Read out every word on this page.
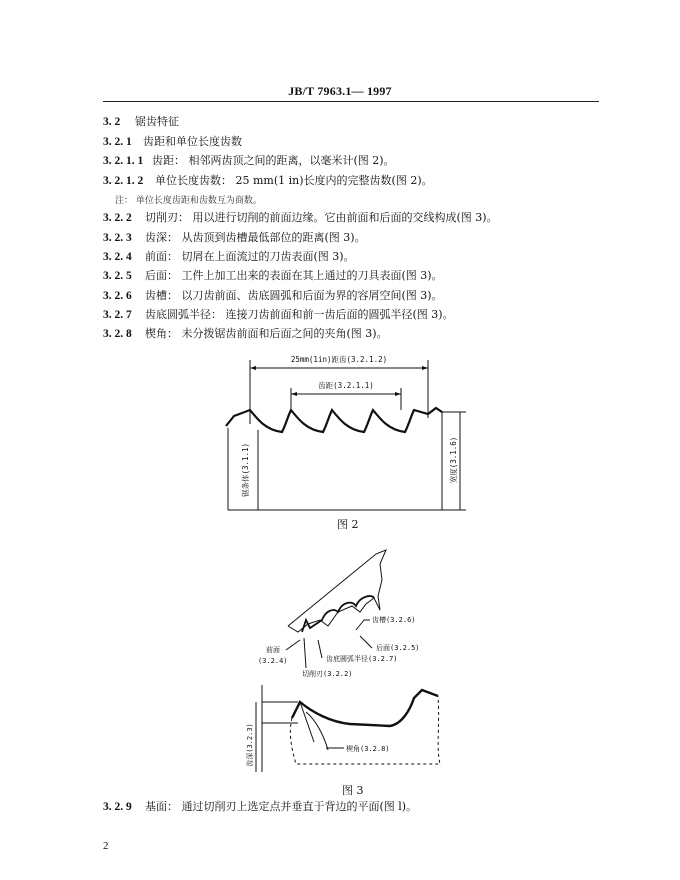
JB/T 7963.1— 1997
3. 2 锯齿特征
3. 2. 1 齿距和单位长度齿数
3. 2. 1. 1 齿距： 相邻两齿顶之间的距离，以毫米计(图 2)。
3. 2. 1. 2 单位长度齿数： 25 mm(1 in)长度内的完整齿数(图 2)。
注： 单位长度齿距和齿数互为商数。
3. 2. 2 切削刃： 用以进行切削的前面边缘。它由前面和后面的交线构成(图 3)。
3. 2. 3 齿深： 从齿顶到齿槽最低部位的距离(图 3)。
3. 2. 4 前面： 切屑在上面流过的刀齿表面(图 3)。
3. 2. 5 后面： 工件上加工出来的表面在其上通过的刀具表面(图 3)。
3. 2. 6 齿槽： 以刀齿前面、齿底圆弧和后面为界的容屑空间(图 3)。
3. 2. 7 齿底圆弧半径： 连接刀齿前面和前一齿后面的圆弧半径(图 3)。
3. 2. 8 楔角： 未分拨锯齿前面和后面之间的夹角(图 3)。
25mm(1in)距齿(3.2.1.2)
齿距(3.2.1.1)
锯条体(3.1.1)	宽度(3.1.6)
图 2
齿槽(3.2.6)
后面(3.2.5)
前面
(3.2.4)	齿底圆弧半径(3.2.7)
切削刃(3.2.2)
楔角(3.2.8)
齿深(3.2.3)
图 3
3. 2. 9 基面： 通过切削刃上选定点并垂直于背边的平面(图 l)。
2
